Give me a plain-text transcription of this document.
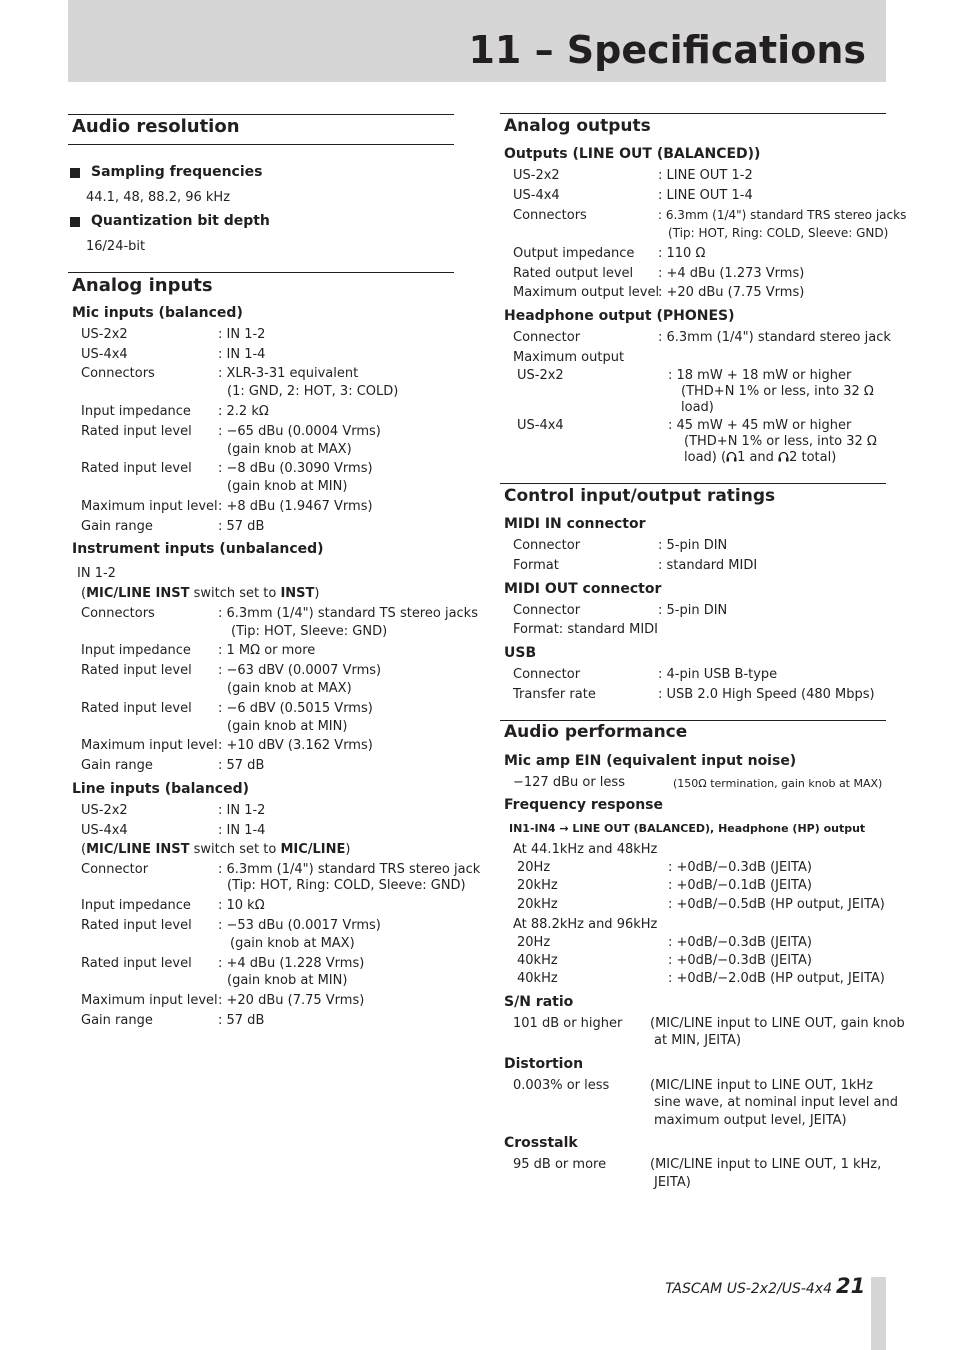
11 – Specifications
Audio resolution
Sampling frequencies
44.1, 48, 88.2, 96 kHz
Quantization bit depth
16/24-bit
Analog inputs
Mic inputs (balanced)
US-2x2	: IN 1-2
US-4x4	: IN 1-4
Connectors	: XLR-3-31 equivalent
(1: GND, 2: HOT, 3: COLD)
Input impedance : 2.2 kΩ
Rated input level : −65 dBu (0.0004 Vrms)
(gain knob at MAX)
Rated input level : −8 dBu (0.3090 Vrms)
(gain knob at MIN)
Maximum input level : +8 dBu (1.9467 Vrms)
Gain range	: 57 dB
Instrument inputs (unbalanced)
IN 1-2
(MIC/LINE INST switch set to INST)
Connectors	: 6.3mm (1/4") standard TS stereo jacks
(Tip: HOT, Sleeve: GND)
Input impedance : 1 MΩ or more
Rated input level : −63 dBV (0.0007 Vrms)
(gain knob at MAX)
Rated input level : −6 dBV (0.5015 Vrms)
(gain knob at MIN)
Maximum input level : +10 dBV (3.162 Vrms)
Gain range	: 57 dB
Line inputs (balanced)
US-2x2	: IN 1-2
US-4x4	: IN 1-4
(MIC/LINE INST switch set to MIC/LINE)
Connector	: 6.3mm (1/4") standard TRS stereo jack
(Tip: HOT, Ring: COLD, Sleeve: GND)
Input impedance : 10 kΩ
Rated input level : −53 dBu (0.0017 Vrms)
(gain knob at MAX)
Rated input level : +4 dBu (1.228 Vrms)
(gain knob at MIN)
Maximum input level : +20 dBu (7.75 Vrms)
Gain range	: 57 dB
Analog outputs
Outputs (LINE OUT (BALANCED))
US-2x2	: LINE OUT 1-2
US-4x4	: LINE OUT 1-4
Connectors	: 6.3mm (1/4") standard TRS stereo jacks
(Tip: HOT, Ring: COLD, Sleeve: GND)
Output impedance : 110 Ω
Rated output level : +4 dBu (1.273 Vrms)
Maximum output level
: +20 dBu (7.75 Vrms)
Headphone output (PHONES)
Connector	: 6.3mm (1/4") standard stereo jack
Maximum output
US-2x2	: 18 mW + 18 mW or higher
(THD+N 1% or less, into 32 Ω
load)
US-4x4	: 45 mW + 45 mW or higher
(THD+N 1% or less, into 32 Ω
load) ( 1 and 2 total)
Control input/output ratings
MIDI IN connector
Connector	: 5-pin DIN
Format	: standard MIDI
MIDI OUT connector
Connector	: 5-pin DIN
Format: standard MIDI
USB
Connector	: 4-pin USB B-type
Transfer rate	: USB 2.0 High Speed (480 Mbps)
Audio performance
Mic amp EIN (equivalent input noise)
−127 dBu or less	(150Ω termination, gain knob at MAX)
Frequency response
IN1-IN4 → LINE OUT (BALANCED), Headphone (HP) output
At 44.1kHz and 48kHz
20Hz	: +0dB/−0.3dB (JEITA)
20kHz	: +0dB/−0.1dB (JEITA)
20kHz	: +0dB/−0.5dB (HP output, JEITA)
At 88.2kHz and 96kHz
20Hz	: +0dB/−0.3dB (JEITA)
40kHz	: +0dB/−0.3dB (JEITA)
40kHz	: +0dB/−2.0dB (HP output, JEITA)
S/N ratio
101 dB or higher (MIC/LINE input to LINE OUT, gain knob
at MIN, JEITA)
Distortion
0.003% or less	(MIC/LINE input to LINE OUT, 1kHz
sine wave, at nominal input level and
maximum output level, JEITA)
Crosstalk
95 dB or more	(MIC/LINE input to LINE OUT, 1 kHz,
JEITA)
TASCAM US-2x2/US-4x4 21
